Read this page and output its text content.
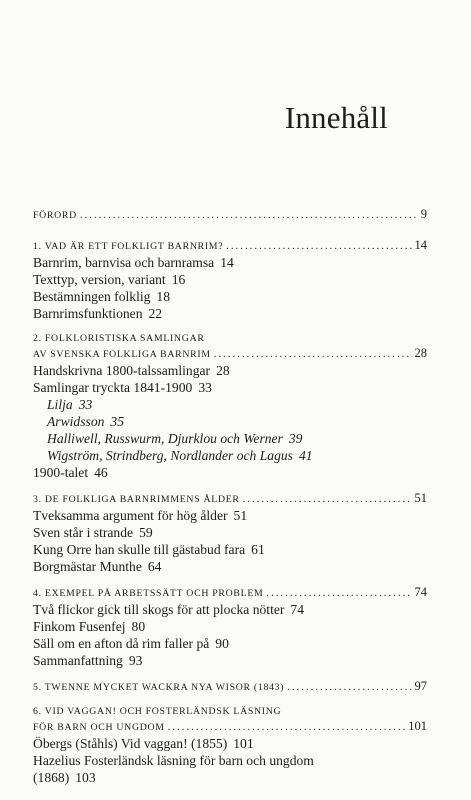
Innehåll
FÖRORD .....	9
1. VAD ÄR ETT FOLKLIGT BARNRIM? .....	14
Barnrim, barnvisa och barnramsa 14
Texttyp, version, variant 16
Bestämningen folklig 18
Barnrimsfunktionen 22
2. FOLKLORISTISKA SAMLINGAR
AV SVENSKA FOLKLIGA BARNRIM .....	28
Handskrivna 1800-talssamlingar 28
Samlingar tryckta 1841-1900 33
Lilja 33
Arwidsson 35
Halliwell, Russwurm, Djurklou och Werner 39
Wigström, Strindberg, Nordlander och Lagus 41
1900-talet 46
3. DE FOLKLIGA BARNRIMMENS ÅLDER .....	51
Tveksamma argument för hög ålder 51
Sven står i strande 59
Kung Orre han skulle till gästabud fara 61
Borgmästar Munthe 64
4. EXEMPEL PÅ ARBETSSÄTT OCH PROBLEM .....	74
Två flickor gick till skogs för att plocka nötter 74
Finkom Fusenfej 80
Säll om en afton då rim faller på 90
Sammanfattning 93
5. TWENNE MYCKET WACKRA NYA WISOR (1843) .....	97
6. VID VAGGAN! OCH FOSTERLÄNDSK LÄSNING
FÖR BARN OCH UNGDOM .....	101
Öbergs (Ståhls) Vid vaggan! (1855) 101
Hazelius Fosterländsk läsning för barn och ungdom
(1868) 103
